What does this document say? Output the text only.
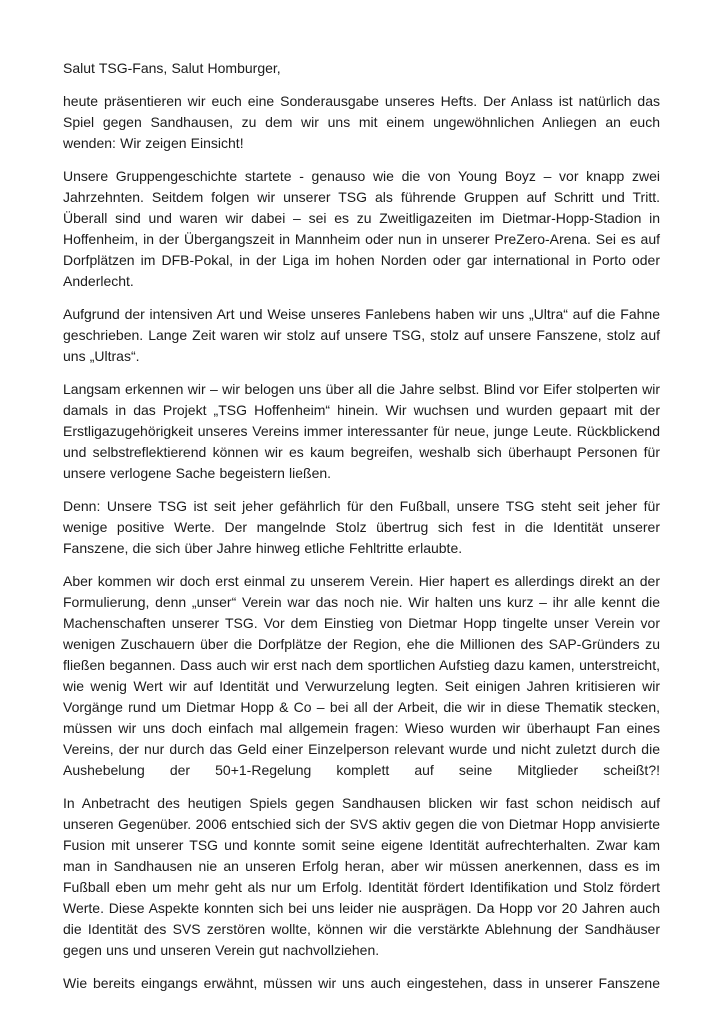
Salut TSG-Fans, Salut Homburger,

heute präsentieren wir euch eine Sonderausgabe unseres Hefts. Der Anlass ist natürlich das Spiel gegen Sandhausen, zu dem wir uns mit einem ungewöhnlichen Anliegen an euch wenden: Wir zeigen Einsicht!

Unsere Gruppengeschichte startete - genauso wie die von Young Boyz – vor knapp zwei Jahrzehnten. Seitdem folgen wir unserer TSG als führende Gruppen auf Schritt und Tritt. Überall sind und waren wir dabei – sei es zu Zweitligazeiten im Dietmar-Hopp-Stadion in Hoffenheim, in der Übergangszeit in Mannheim oder nun in unserer PreZero-Arena. Sei es auf Dorfplätzen im DFB-Pokal, in der Liga im hohen Norden oder gar international in Porto oder Anderlecht.

Aufgrund der intensiven Art und Weise unseres Fanlebens haben wir uns „Ultra“ auf die Fahne geschrieben. Lange Zeit waren wir stolz auf unsere TSG, stolz auf unsere Fanszene, stolz auf uns „Ultras“.

Langsam erkennen wir – wir belogen uns über all die Jahre selbst. Blind vor Eifer stolperten wir damals in das Projekt „TSG Hoffenheim“ hinein. Wir wuchsen und wurden gepaart mit der Erstligazugehörigkeit unseres Vereins immer interessanter für neue, junge Leute. Rückblickend und selbstreflektierend können wir es kaum begreifen, weshalb sich überhaupt Personen für unsere verlogene Sache begeistern ließen.

Denn: Unsere TSG ist seit jeher gefährlich für den Fußball, unsere TSG steht seit jeher für wenige positive Werte. Der mangelnde Stolz übertrug sich fest in die Identität unserer Fanszene, die sich über Jahre hinweg etliche Fehltritte erlaubte.

Aber kommen wir doch erst einmal zu unserem Verein. Hier hapert es allerdings direkt an der Formulierung, denn „unser“ Verein war das noch nie. Wir halten uns kurz – ihr alle kennt die Machenschaften unserer TSG. Vor dem Einstieg von Dietmar Hopp tingelte unser Verein vor wenigen Zuschauern über die Dorfplätze der Region, ehe die Millionen des SAP-Gründers zu fließen begannen. Dass auch wir erst nach dem sportlichen Aufstieg dazu kamen, unterstreicht, wie wenig Wert wir auf Identität und Verwurzelung legten. Seit einigen Jahren kritisieren wir Vorgänge rund um Dietmar Hopp & Co – bei all der Arbeit, die wir in diese Thematik stecken, müssen wir uns doch einfach mal allgemein fragen: Wieso wurden wir überhaupt Fan eines Vereins, der nur durch das Geld einer Einzelperson relevant wurde und nicht zuletzt durch die Aushebelung der 50+1-Regelung komplett auf seine Mitglieder scheißt?!

In Anbetracht des heutigen Spiels gegen Sandhausen blicken wir fast schon neidisch auf unseren Gegenüber. 2006 entschied sich der SVS aktiv gegen die von Dietmar Hopp anvisierte Fusion mit unserer TSG und konnte somit seine eigene Identität aufrechterhalten. Zwar kam man in Sandhausen nie an unseren Erfolg heran, aber wir müssen anerkennen, dass es im Fußball eben um mehr geht als nur um Erfolg. Identität fördert Identifikation und Stolz fördert Werte. Diese Aspekte konnten sich bei uns leider nie ausprägen. Da Hopp vor 20 Jahren auch die Identität des SVS zerstören wollte, können wir die verstärkte Ablehnung der Sandhäuser gegen uns und unseren Verein gut nachvollziehen.

Wie bereits eingangs erwähnt, müssen wir uns auch eingestehen, dass in unserer Fanszene
